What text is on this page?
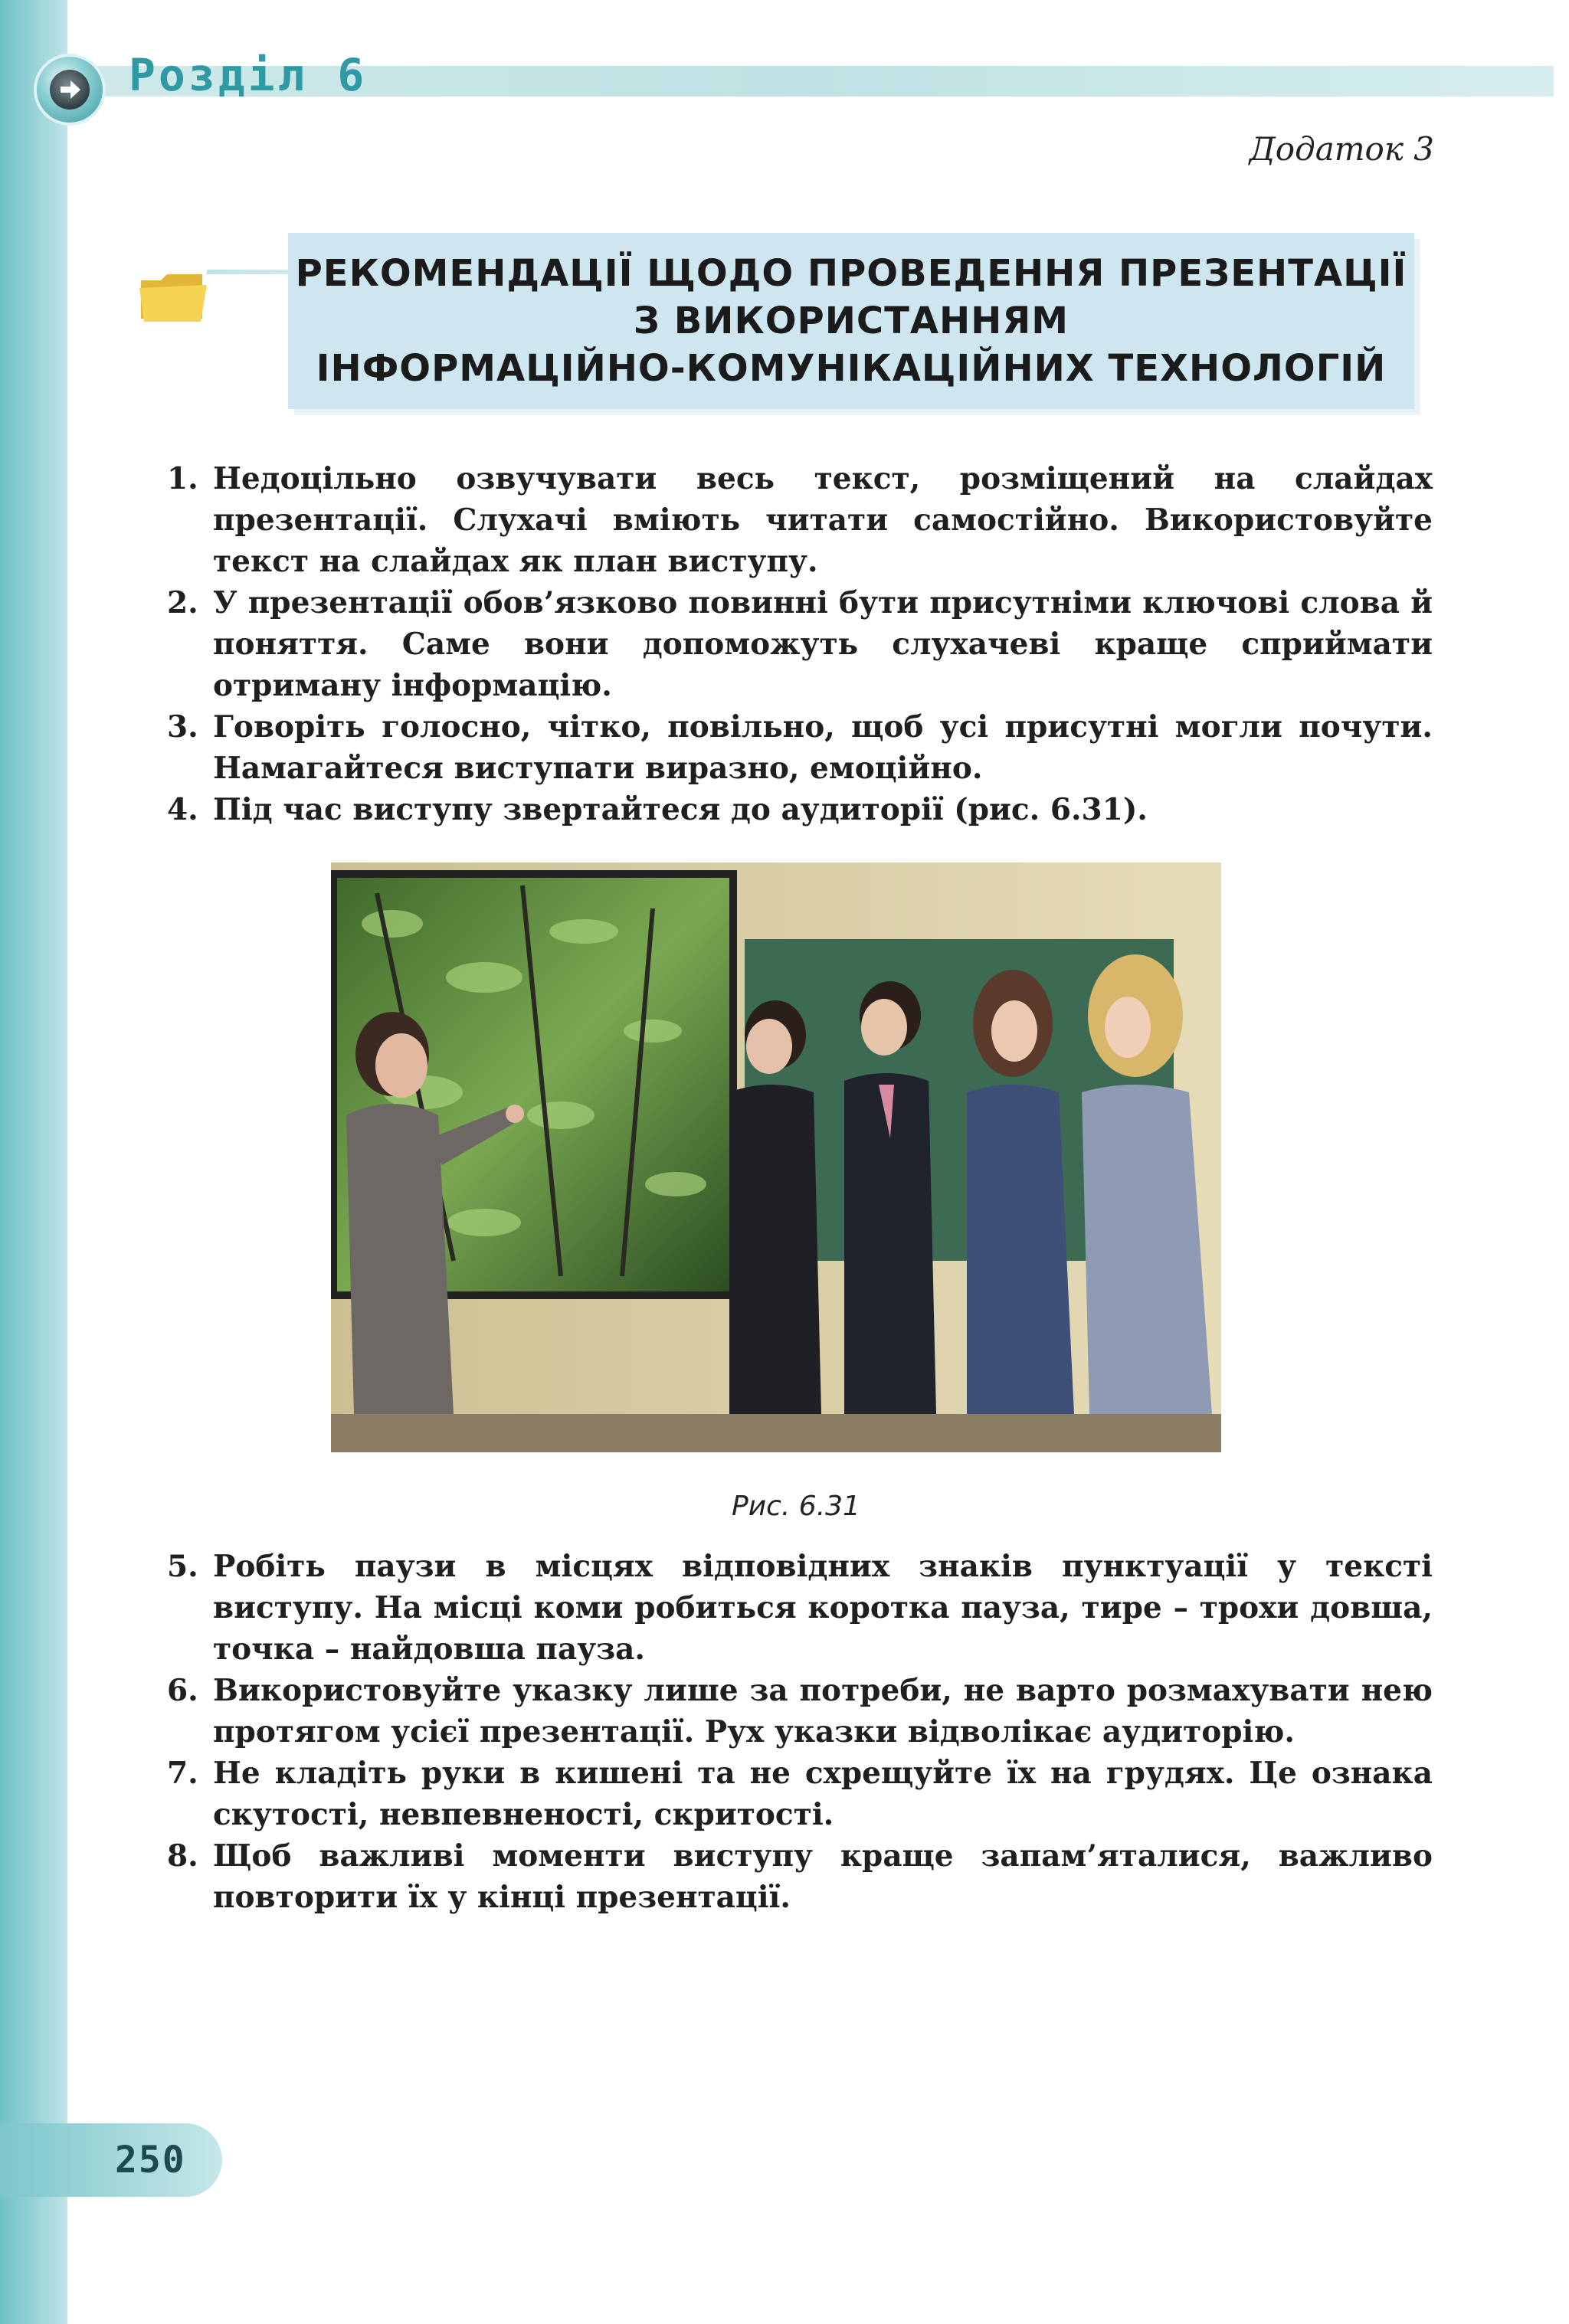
Розділ 6
Додаток 3
РЕКОМЕНДАЦІЇ ЩОДО ПРОВЕДЕННЯ ПРЕЗЕНТАЦІЇ
З ВИКОРИСТАННЯМ
ІНФОРМАЦІЙНО-КОМУНІКАЦІЙНИХ ТЕХНОЛОГІЙ
1. Недоцільно озвучувати весь текст, розміщений на слайдах презентації. Слухачі вміють читати самостійно. Використовуйте текст на слайдах як план виступу.
2. У презентації обов’язково повинні бути присутніми ключові слова й поняття. Саме вони допоможуть слухачеві краще сприймати отриману інформацію.
3. Говоріть голосно, чітко, повільно, щоб усі присутні могли почути. Намагайтеся виступати виразно, емоційно.
4. Під час виступу звертайтеся до аудиторії (рис. 6.31).
Рис. 6.31
5. Робіть паузи в місцях відповідних знаків пунктуації у тексті виступу. На місці коми робиться коротка пауза, тире – трохи довша, точка – найдовша пауза.
6. Використовуйте указку лише за потреби, не варто розмахувати нею протягом усієї презентації. Рух указки відволікає аудиторію.
7. Не кладіть руки в кишені та не схрещуйте їх на грудях. Це ознака скутості, невпевненості, скритості.
8. Щоб важливі моменти виступу краще запам’яталися, важливо повторити їх у кінці презентації.
250
